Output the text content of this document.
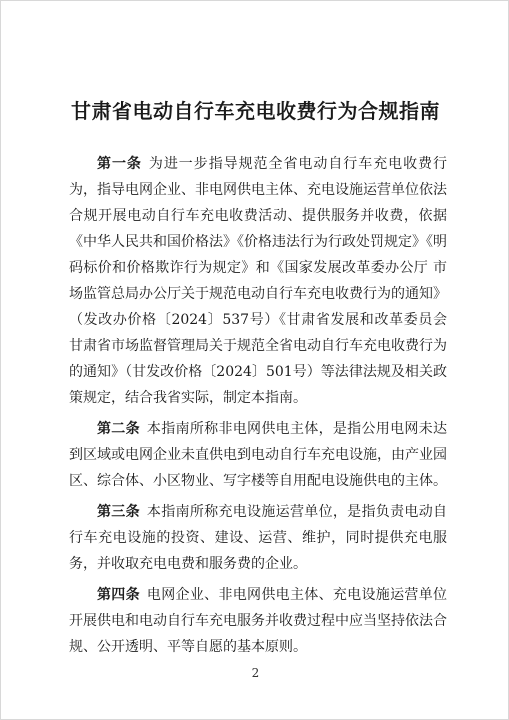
甘肃省电动自行车充电收费行为合规指南

第一条 为进一步指导规范全省电动自行车充电收费行为，指导电网企业、非电网供电主体、充电设施运营单位依法合规开展电动自行车充电收费活动、提供服务并收费，依据《中华人民共和国价格法》《价格违法行为行政处罚规定》《明码标价和价格欺诈行为规定》和《国家发展改革委办公厅 市场监管总局办公厅关于规范电动自行车充电收费行为的通知》（发改办价格〔2024〕537号）《甘肃省发展和改革委员会 甘肃省市场监督管理局关于规范全省电动自行车充电收费行为的通知》（甘发改价格〔2024〕501号）等法律法规及相关政策规定，结合我省实际，制定本指南。

第二条 本指南所称非电网供电主体，是指公用电网未达到区域或电网企业未直供电到电动自行车充电设施，由产业园区、综合体、小区物业、写字楼等自用配电设施供电的主体。

第三条 本指南所称充电设施运营单位，是指负责电动自行车充电设施的投资、建设、运营、维护，同时提供充电服务，并收取充电电费和服务费的企业。

第四条 电网企业、非电网供电主体、充电设施运营单位开展供电和电动自行车充电服务并收费过程中应当坚持依法合规、公开透明、平等自愿的基本原则。

2
